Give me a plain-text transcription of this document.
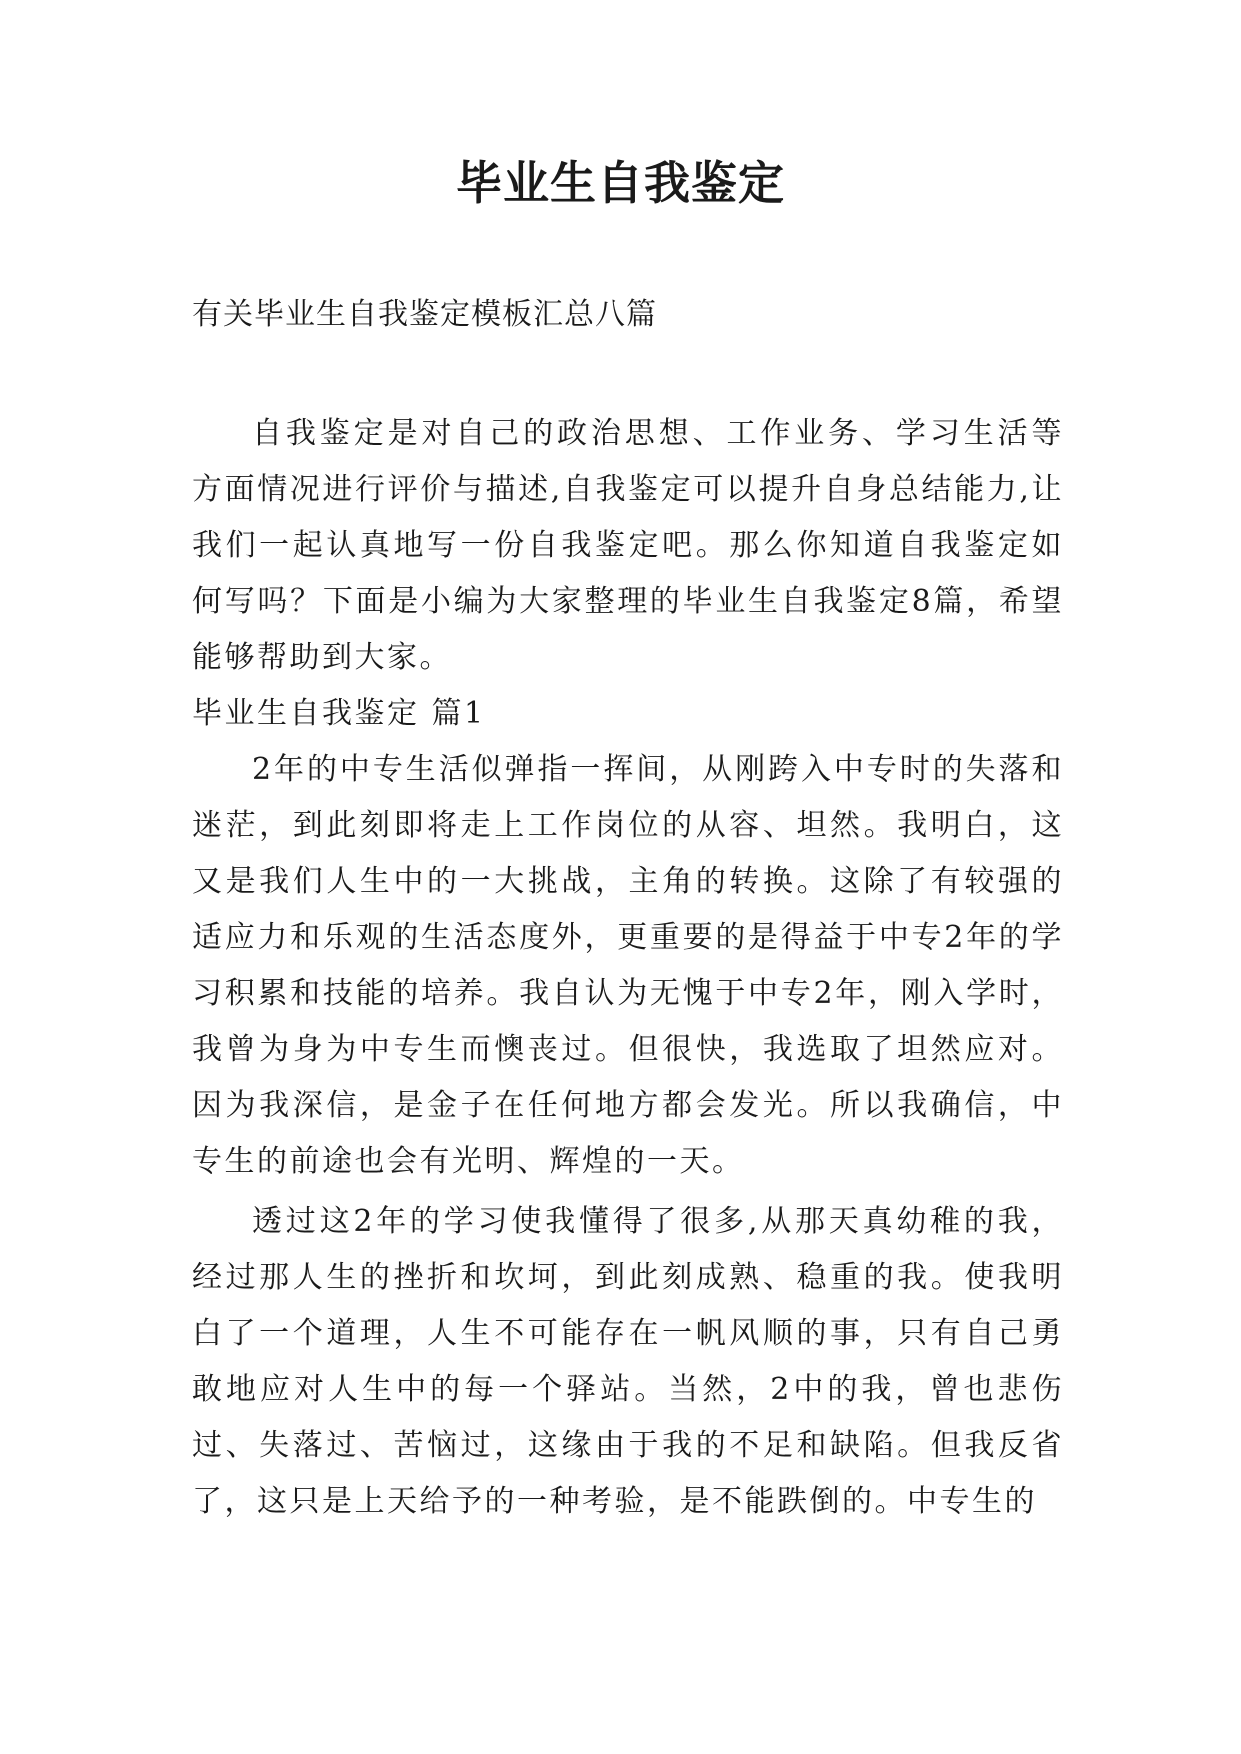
毕业生自我鉴定
有关毕业生自我鉴定模板汇总八篇

自我鉴定是对自己的政治思想、工作业务、学习生活等方面情况进行评价与描述,自我鉴定可以提升自身总结能力,让我们一起认真地写一份自我鉴定吧。那么你知道自我鉴定如何写吗？下面是小编为大家整理的毕业生自我鉴定8篇，希望能够帮助到大家。

毕业生自我鉴定 篇1

2年的中专生活似弹指一挥间，从刚跨入中专时的失落和迷茫，到此刻即将走上工作岗位的从容、坦然。我明白，这又是我们人生中的一大挑战，主角的转换。这除了有较强的适应力和乐观的生活态度外，更重要的是得益于中专2年的学习积累和技能的培养。我自认为无愧于中专2年，刚入学时，我曾为身为中专生而懊丧过。但很快，我选取了坦然应对。因为我深信，是金子在任何地方都会发光。所以我确信，中专生的前途也会有光明、辉煌的一天。

透过这2年的学习使我懂得了很多,从那天真幼稚的我，经过那人生的挫折和坎坷，到此刻成熟、稳重的我。使我明白了一个道理，人生不可能存在一帆风顺的事，只有自己勇敢地应对人生中的每一个驿站。当然，2中的我，曾也悲伤过、失落过、苦恼过，这缘由于我的不足和缺陷。但我反省了，这只是上天给予的一种考验，是不能跌倒的。中专生的
